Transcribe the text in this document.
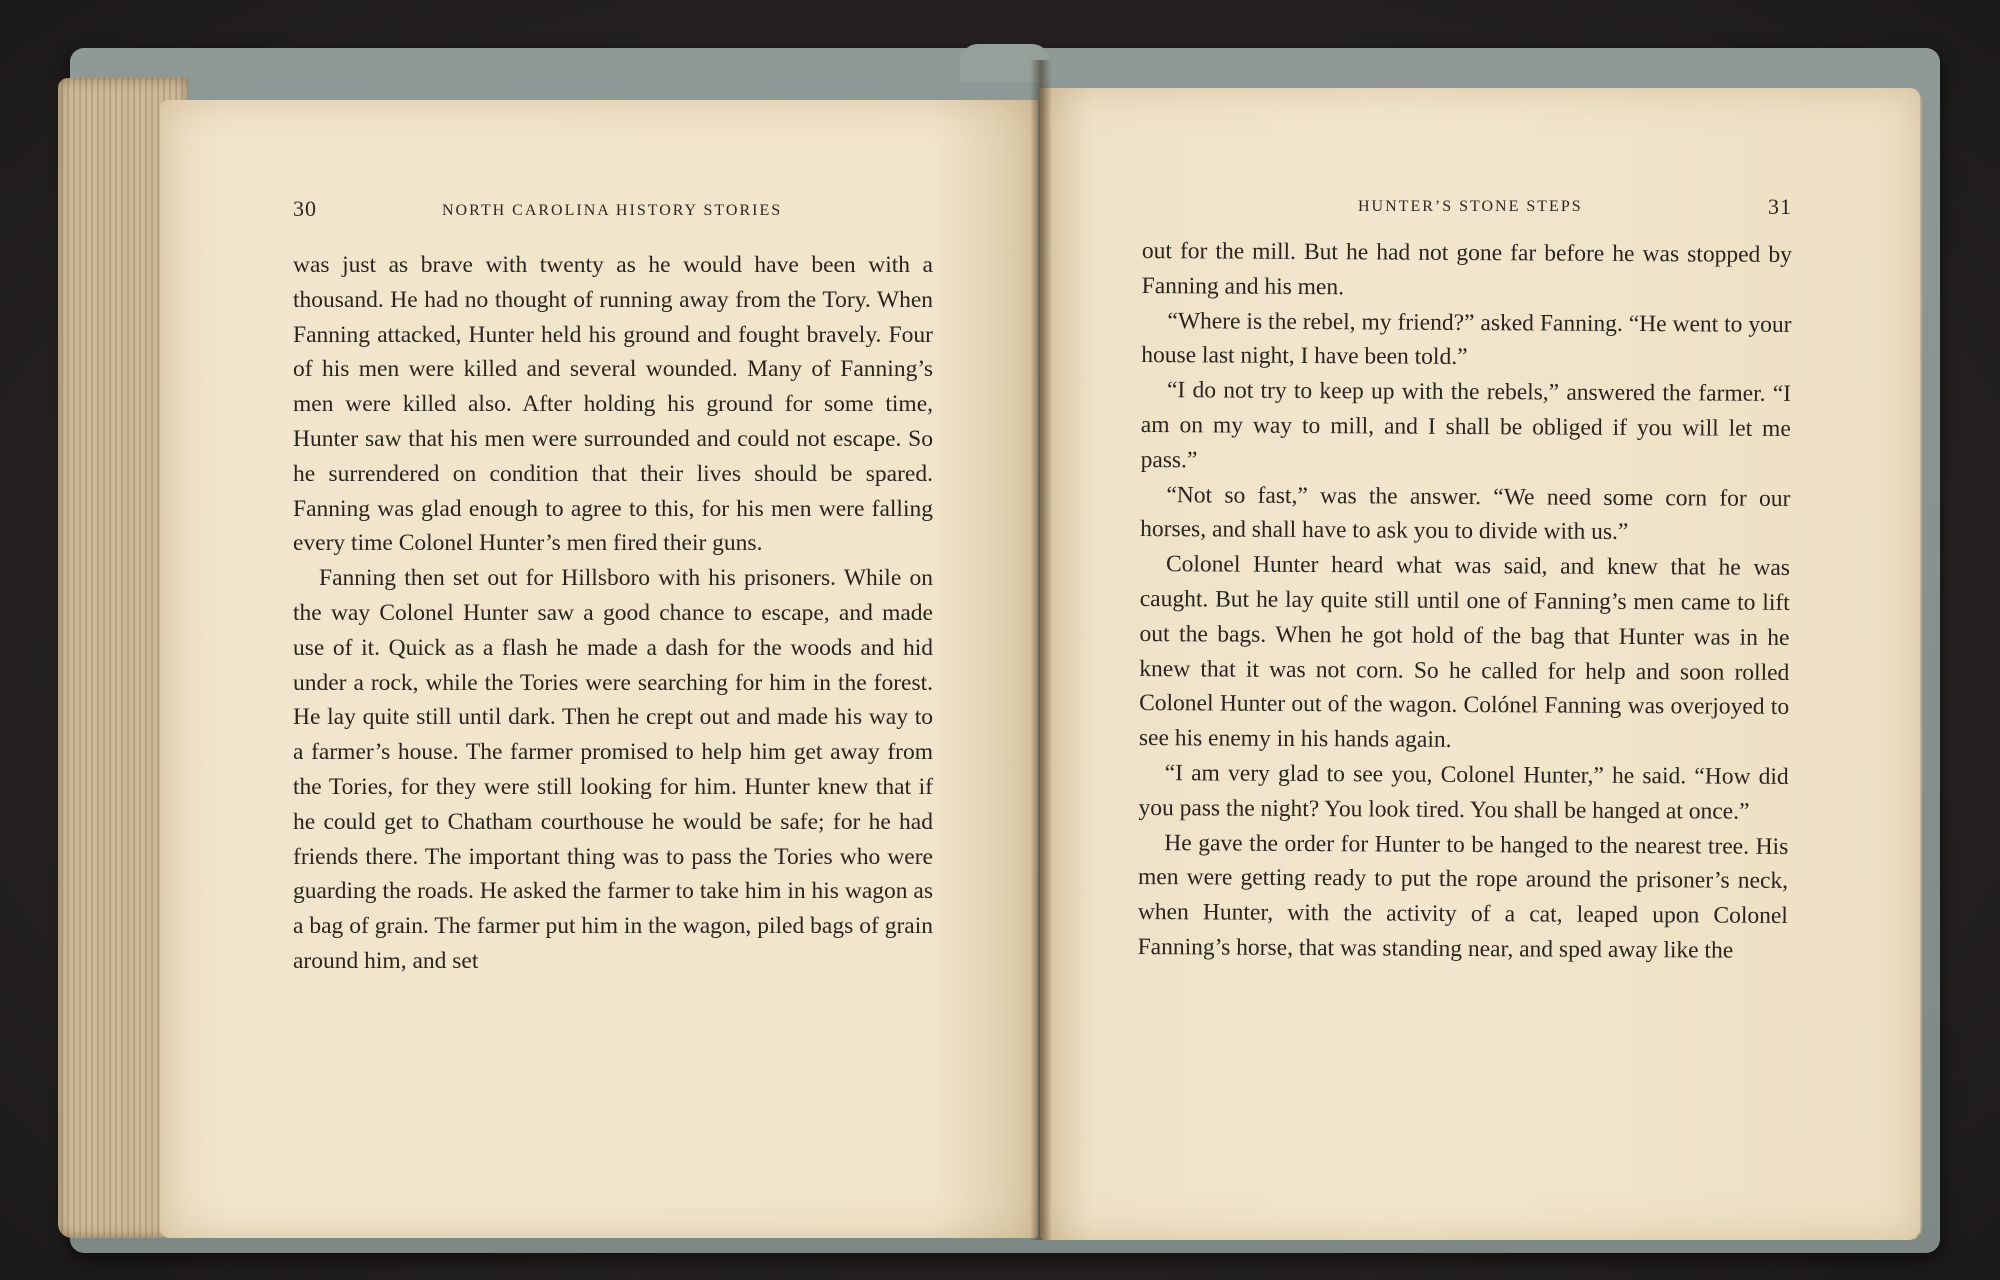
30	NORTH CAROLINA HISTORY STORIES

was just as brave with twenty as he would have been with a thousand. He had no thought of running away from the Tory. When Fanning attacked, Hunter held his ground and fought bravely. Four of his men were killed and several wounded. Many of Fanning’s men were killed also. After holding his ground for some time, Hunter saw that his men were surrounded and could not escape. So he surrendered on condition that their lives should be spared. Fanning was glad enough to agree to this, for his men were falling every time Colonel Hunter’s men fired their guns.

Fanning then set out for Hillsboro with his prisoners. While on the way Colonel Hunter saw a good chance to escape, and made use of it. Quick as a flash he made a dash for the woods and hid under a rock, while the Tories were searching for him in the forest. He lay quite still until dark. Then he crept out and made his way to a farmer’s house. The farmer promised to help him get away from the Tories, for they were still looking for him. Hunter knew that if he could get to Chatham courthouse he would be safe; for he had friends there. The important thing was to pass the Tories who were guarding the roads. He asked the farmer to take him in his wagon as a bag of grain. The farmer put him in the wagon, piled bags of grain around him, and set

HUNTER’S STONE STEPS	31

out for the mill. But he had not gone far before he was stopped by Fanning and his men.

“Where is the rebel, my friend?” asked Fanning. “He went to your house last night, I have been told.”

“I do not try to keep up with the rebels,” answered the farmer. “I am on my way to mill, and I shall be obliged if you will let me pass.”

“Not so fast,” was the answer. “We need some corn for our horses, and shall have to ask you to divide with us.”

Colonel Hunter heard what was said, and knew that he was caught. But he lay quite still until one of Fanning’s men came to lift out the bags. When he got hold of the bag that Hunter was in he knew that it was not corn. So he called for help and soon rolled Colonel Hunter out of the wagon. Colónel Fanning was overjoyed to see his enemy in his hands again.

“I am very glad to see you, Colonel Hunter,” he said. “How did you pass the night? You look tired. You shall be hanged at once.”

He gave the order for Hunter to be hanged to the nearest tree. His men were getting ready to put the rope around the prisoner’s neck, when Hunter, with the activity of a cat, leaped upon Colonel Fanning’s horse, that was standing near, and sped away like the
